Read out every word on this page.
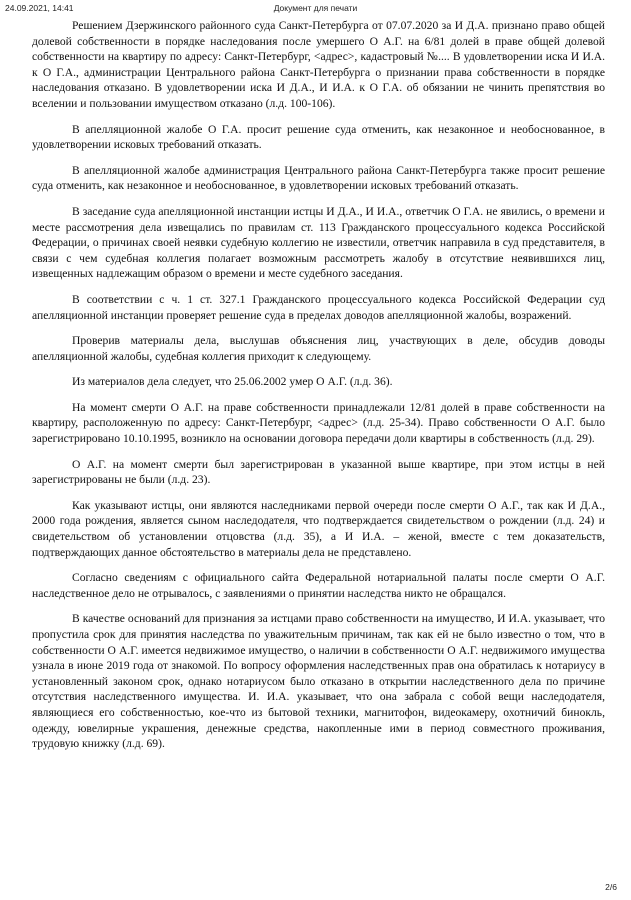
24.09.2021, 14:41	Документ для печати

Решением Дзержинского районного суда Санкт-Петербурга от 07.07.2020 за И Д.А. признано право общей долевой собственности в порядке наследования после умершего О А.Г. на 6/81 долей в праве общей долевой собственности на квартиру по адресу: Санкт-Петербург, <адрес>, кадастровый №.... В удовлетворении иска И И.А. к О Г.А., администрации Центрального района Санкт-Петербурга о признании права собственности в порядке наследования отказано. В удовлетворении иска И Д.А., И И.А. к О Г.А. об обязании не чинить препятствия во вселении и пользовании имуществом отказано (л.д. 100-106).

В апелляционной жалобе О Г.А. просит решение суда отменить, как незаконное и необоснованное, в удовлетворении исковых требований отказать.

В апелляционной жалобе администрация Центрального района Санкт-Петербурга также просит решение суда отменить, как незаконное и необоснованное, в удовлетворении исковых требований отказать.

В заседание суда апелляционной инстанции истцы И Д.А., И И.А., ответчик О Г.А. не явились, о времени и месте рассмотрения дела извещались по правилам ст. 113 Гражданского процессуального кодекса Российской Федерации, о причинах своей неявки судебную коллегию не известили, ответчик направила в суд представителя, в связи с чем судебная коллегия полагает возможным рассмотреть жалобу в отсутствие неявившихся лиц, извещенных надлежащим образом о времени и месте судебного заседания.

В соответствии с ч. 1 ст. 327.1 Гражданского процессуального кодекса Российской Федерации суд апелляционной инстанции проверяет решение суда в пределах доводов апелляционной жалобы, возражений.

Проверив материалы дела, выслушав объяснения лиц, участвующих в деле, обсудив доводы апелляционной жалобы, судебная коллегия приходит к следующему.

Из материалов дела следует, что 25.06.2002 умер О А.Г. (л.д. 36).

На момент смерти О А.Г. на праве собственности принадлежали 12/81 долей в праве собственности на квартиру, расположенную по адресу: Санкт-Петербург, <адрес> (л.д. 25-34). Право собственности О А.Г. было зарегистрировано 10.10.1995, возникло на основании договора передачи доли квартиры в собственность (л.д. 29).

О А.Г. на момент смерти был зарегистрирован в указанной выше квартире, при этом истцы в ней зарегистрированы не были (л.д. 23).

Как указывают истцы, они являются наследниками первой очереди после смерти О А.Г., так как И Д.А., 2000 года рождения, является сыном наследодателя, что подтверждается свидетельством о рождении (л.д. 24) и свидетельством об установлении отцовства (л.д. 35), а И И.А. – женой, вместе с тем доказательств, подтверждающих данное обстоятельство в материалы дела не представлено.

Согласно сведениям с официального сайта Федеральной нотариальной палаты после смерти О А.Г. наследственное дело не отрывалось, с заявлениями о принятии наследства никто не обращался.

В качестве оснований для признания за истцами право собственности на имущество, И И.А. указывает, что пропустила срок для принятия наследства по уважительным причинам, так как ей не было известно о том, что в собственности О А.Г. имеется недвижимое имущество, о наличии в собственности О А.Г. недвижимого имущества узнала в июне 2019 года от знакомой. По вопросу оформления наследственных прав она обратилась к нотариусу в установленный законом срок, однако нотариусом было отказано в открытии наследственного дела по причине отсутствия наследственного имущества. И. И.А. указывает, что она забрала с собой вещи наследодателя, являющиеся его собственностью, кое-что из бытовой техники, магнитофон, видеокамеру, охотничий бинокль, одежду, ювелирные украшения, денежные средства, накопленные ими в период совместного проживания, трудовую книжку (л.д. 69).

2/6
